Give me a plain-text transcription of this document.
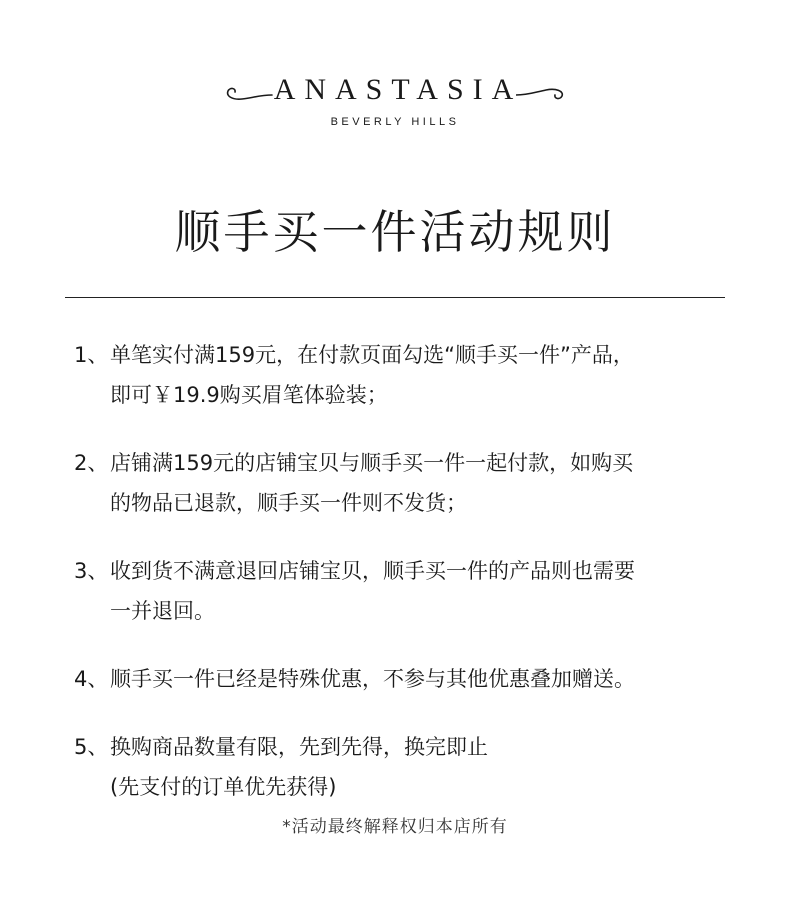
ANASTASIA
BEVERLY HILLS
顺手买一件活动规则
1、 单笔实付满159元，在付款页面勾选“顺手买一件”产品，
即可￥19.9购买眉笔体验装；
2、 店铺满159元的店铺宝贝与顺手买一件一起付款，如购买
的物品已退款，顺手买一件则不发货；
3、 收到货不满意退回店铺宝贝，顺手买一件的产品则也需要
一并退回。
4、 顺手买一件已经是特殊优惠，不参与其他优惠叠加赠送。
5、 换购商品数量有限，先到先得，换完即止
(先支付的订单优先获得)
*活动最终解释权归本店所有
